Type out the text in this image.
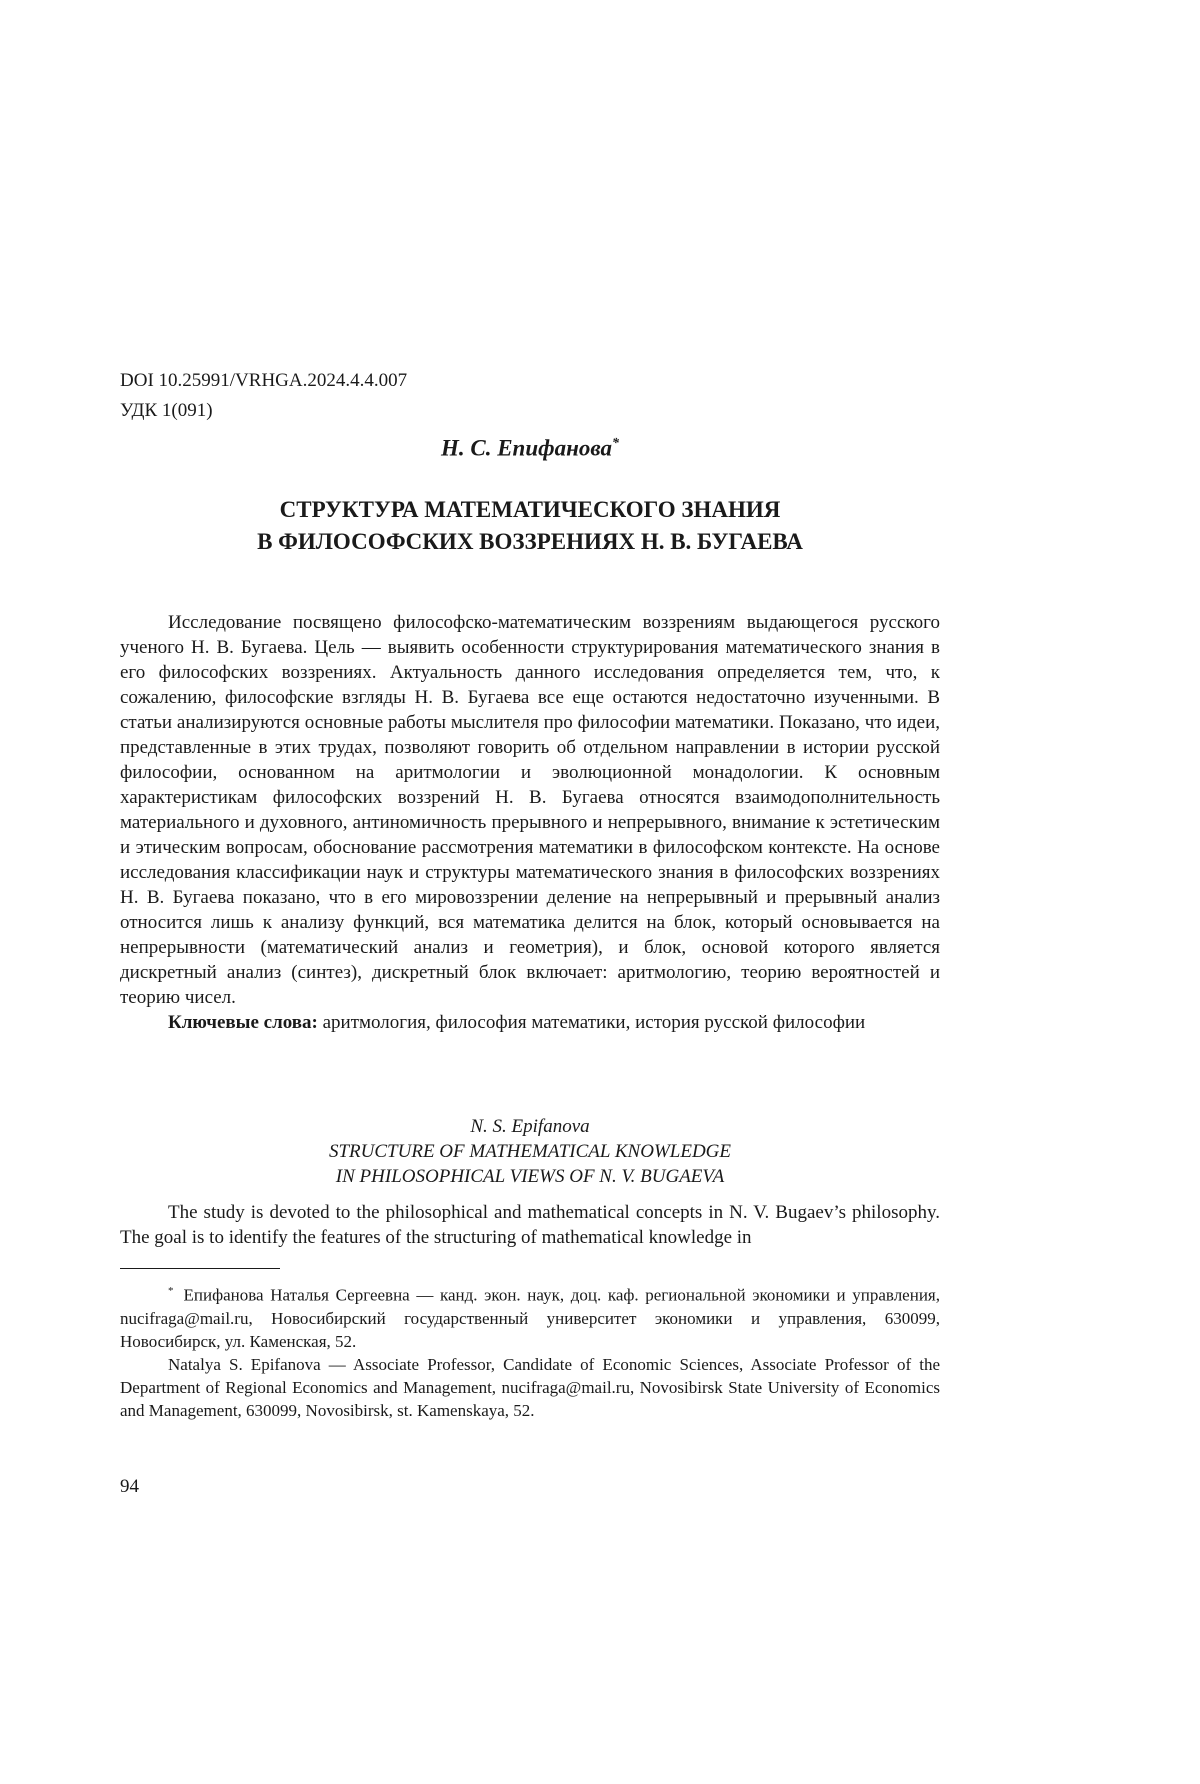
DOI 10.25991/VRHGA.2024.4.4.007
УДК 1(091)
Н. С. Епифанова*
СТРУКТУРА МАТЕМАТИЧЕСКОГО ЗНАНИЯ
В ФИЛОСОФСКИХ ВОЗЗРЕНИЯХ Н. В. БУГАЕВА

Исследование посвящено философско-математическим воззрениям выдающегося русского ученого Н. В. Бугаева. Цель — выявить особенности структурирования математического знания в его философских воззрениях. Актуальность данного исследования определяется тем, что, к сожалению, философские взгляды Н. В. Бугаева все еще остаются недостаточно изученными. В статьи анализируются основные работы мыслителя про философии математики. Показано, что идеи, представленные в этих трудах, позволяют говорить об отдельном направлении в истории русской философии, основанном на аритмологии и эволюционной монадологии. К основным характеристикам философских воззрений Н. В. Бугаева относятся взаимодополнительность материального и духовного, антиномичность прерывного и непрерывного, внимание к эстетическим и этическим вопросам, обоснование рассмотрения математики в философском контексте. На основе исследования классификации наук и структуры математического знания в философских воззрениях Н. В. Бугаева показано, что в его мировоззрении деление на непрерывный и прерывный анализ относится лишь к анализу функций, вся математика делится на блок, который основывается на непрерывности (математический анализ и геометрия), и блок, основой которого является дискретный анализ (синтез), дискретный блок включает: аритмологию, теорию вероятностей и теорию чисел.

Ключевые слова: аритмология, философия математики, история русской философии

N. S. Epifanova
STRUCTURE OF MATHEMATICAL KNOWLEDGE
IN PHILOSOPHICAL VIEWS OF N. V. BUGAEVA

The study is devoted to the philosophical and mathematical concepts in N. V. Bugaev’s philosophy. The goal is to identify the features of the structuring of mathematical knowledge in

* Епифанова Наталья Сергеевна — канд. экон. наук, доц. каф. региональной экономики и управления, nucifraga@mail.ru, Новосибирский государственный университет экономики и управления, 630099, Новосибирск, ул. Каменская, 52.

Natalya S. Epifanova — Associate Professor, Candidate of Economic Sciences, Associate Professor of the Department of Regional Economics and Management, nucifraga@mail.ru, Novosibirsk State University of Economics and Management, 630099, Novosibirsk, st. Kamenskaya, 52.

94
